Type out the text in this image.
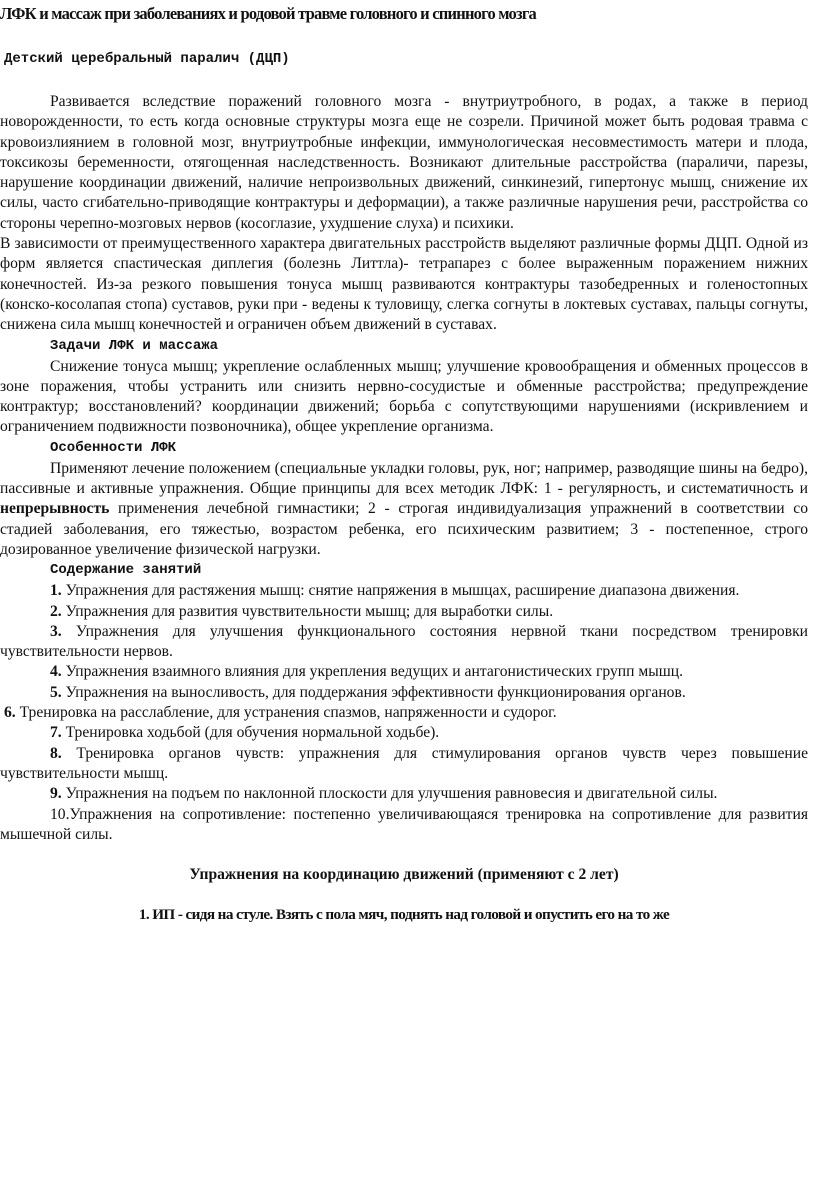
ЛФК и массаж при заболеваниях и родовой травме головного и спинного мозга
Детский церебральный паралич (ДЦП)

Развивается вследствие поражений головного мозга - внутриутробного, в родах, а также в период новорожденности, то есть когда основные структуры мозга еще не созрели. Причиной может быть родовая травма с кровоизлиянием в головной мозг, внутриутробные инфекции, иммунологическая несовместимость матери и плода, токсикозы беременности, отягощенная наследственность. Возникают длительные расстройства (параличи, парезы, нарушение координации движений, наличие непроизвольных движений, синкинезий, гипертонус мышц, снижение их силы, часто сгибательно-приводящие контрактуры и деформации), а также различные нарушения речи, расстройства со стороны черепно-мозговых нервов (косоглазие, ухудшение слуха) и психики.

В зависимости от преимущественного характера двигательных расстройств выделяют различные формы ДЦП. Одной из форм является спастическая диплегия (болезнь Литтла)- тетрапарез с более выраженным поражением нижних конечностей. Из-за резкого повышения тонуса мышц развиваются контрактуры тазобедренных и голеностопных (конско-косолапая стопа) суставов, руки при - ведены к туловищу, слегка согнуты в локтевых суставах, пальцы согнуты, снижена сила мышц конечностей и ограничен объем движений в суставах.

Задачи ЛФК и массажа

Снижение тонуса мышц; укрепление ослабленных мышц; улучшение кровообращения и обменных процессов в зоне поражения, чтобы устранить или снизить нервно-сосудистые и обменные расстройства; предупреждение контрактур; восстановлений? координации движений; борьба с сопутствующими нарушениями (искривлением и ограничением подвижности позвоночника), общее укрепление организма.

Особенности ЛФК

Применяют лечение положением (специальные укладки головы, рук, ног; например, разводящие шины на бедро), пассивные и активные упражнения. Общие принципы для всех методик ЛФК: 1 - регулярность, и систематичность и непрерывность применения лечебной гимнастики; 2 - строгая индивидуализация упражнений в соответствии со стадией заболевания, его тяжестью, возрастом ребенка, его психическим развитием; 3 - постепенное, строго дозированное увеличение физической нагрузки.

Содержание занятий

1. Упражнения для растяжения мышц: снятие напряжения в мышцах, расширение диапазона движения.

2. Упражнения для развития чувствительности мышц; для выработки силы.

3. Упражнения для улучшения функционального состояния нервной ткани посредством тренировки чувствительности нервов.

4. Упражнения взаимного влияния для укрепления ведущих и антагонистических групп мышц.

5. Упражнения на выносливость, для поддержания эффективности функционирования органов.

6. Тренировка на расслабление, для устранения спазмов, напряженности и судорог.

7. Тренировка ходьбой (для обучения нормальной ходьбе).

8. Тренировка органов чувств: упражнения для стимулирования органов чувств через повышение чувствительности мышц.

9. Упражнения на подъем по наклонной плоскости для улучшения равновесия и двигательной силы.

10.Упражнения на сопротивление: постепенно увеличивающаяся тренировка на сопротивление для развития мышечной силы.

Упражнения на координацию движений (применяют с 2 лет)

1. ИП - сидя на стуле. Взять с пола мяч, поднять над головой и опустить его на то же
